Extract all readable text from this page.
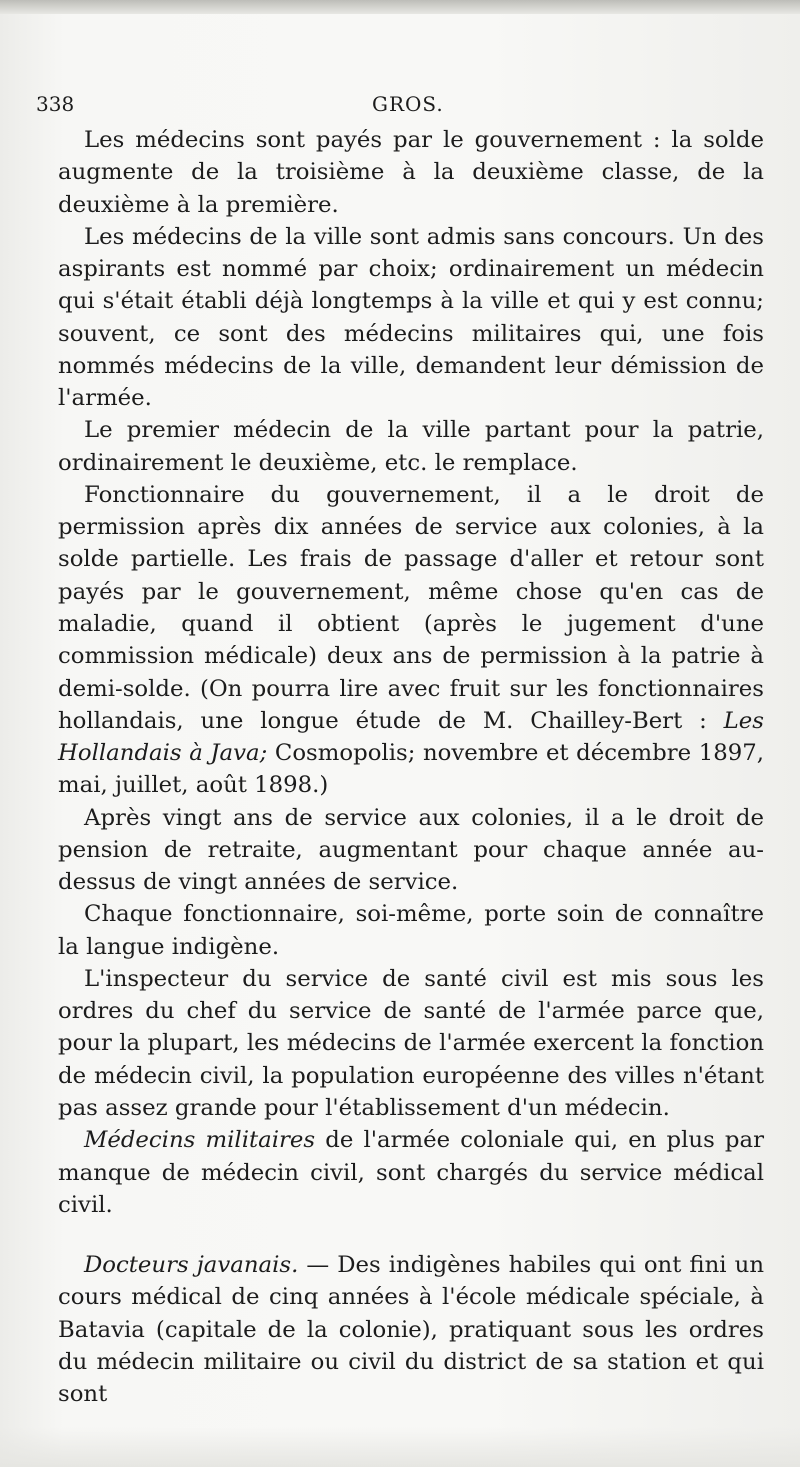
338	GROS.

Les médecins sont payés par le gouvernement : la solde augmente de la troisième à la deuxième classe, de la deuxième à la première.

Les médecins de la ville sont admis sans concours. Un des aspirants est nommé par choix; ordinairement un médecin qui s'était établi déjà longtemps à la ville et qui y est connu; souvent, ce sont des médecins militaires qui, une fois nommés médecins de la ville, demandent leur démission de l'armée.

Le premier médecin de la ville partant pour la patrie, ordinairement le deuxième, etc. le remplace.

Fonctionnaire du gouvernement, il a le droit de permission après dix années de service aux colonies, à la solde partielle. Les frais de passage d'aller et retour sont payés par le gouvernement, même chose qu'en cas de maladie, quand il obtient (après le jugement d'une commission médicale) deux ans de permission à la patrie à demi-solde. (On pourra lire avec fruit sur les fonctionnaires hollandais, une longue étude de M. Chailley-Bert : Les Hollandais à Java; Cosmopolis; novembre et décembre 1897, mai, juillet, août 1898.)

Après vingt ans de service aux colonies, il a le droit de pension de retraite, augmentant pour chaque année au-dessus de vingt années de service.

Chaque fonctionnaire, soi-même, porte soin de connaître la langue indigène.

L'inspecteur du service de santé civil est mis sous les ordres du chef du service de santé de l'armée parce que, pour la plupart, les médecins de l'armée exercent la fonction de médecin civil, la population européenne des villes n'étant pas assez grande pour l'établissement d'un médecin.

Médecins militaires de l'armée coloniale qui, en plus par manque de médecin civil, sont chargés du service médical civil.

Docteurs javanais. — Des indigènes habiles qui ont fini un cours médical de cinq années à l'école médicale spéciale, à Batavia (capitale de la colonie), pratiquant sous les ordres du médecin militaire ou civil du district de sa station et qui sont
